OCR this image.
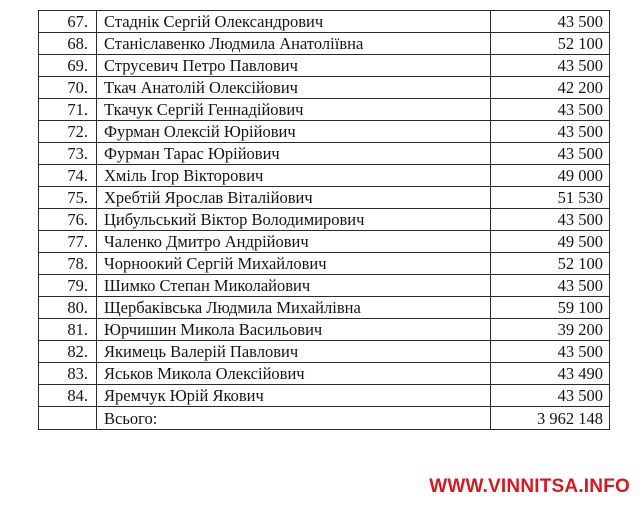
67.	Стаднік Сергій Олександрович	43 500
68.	Станіславенко Людмила Анатоліївна	52 100
69.	Струсевич Петро Павлович	43 500
70.	Ткач Анатолій Олексійович	42 200
71.	Ткачук Сергій Геннадійович	43 500
72.	Фурман Олексій Юрійович	43 500
73.	Фурман Тарас Юрійович	43 500
74.	Хміль Ігор Вікторович	49 000
75.	Хребтій Ярослав Віталійович	51 530
76.	Цибульський Віктор Володимирович	43 500
77.	Чаленко Дмитро Андрійович	49 500
78.	Чорноокий Сергій Михайлович	52 100
79.	Шимко Степан Миколайович	43 500
80.	Щербаківська Людмила Михайлівна	59 100
81.	Юрчишин Микола Васильович	39 200
82.	Якимець Валерій Павлович	43 500
83.	Яськов Микола Олексійович	43 490
84.	Яремчук Юрій Якович	43 500
	Всього:	3 962 148
WWW.VINNITSA.INFO
